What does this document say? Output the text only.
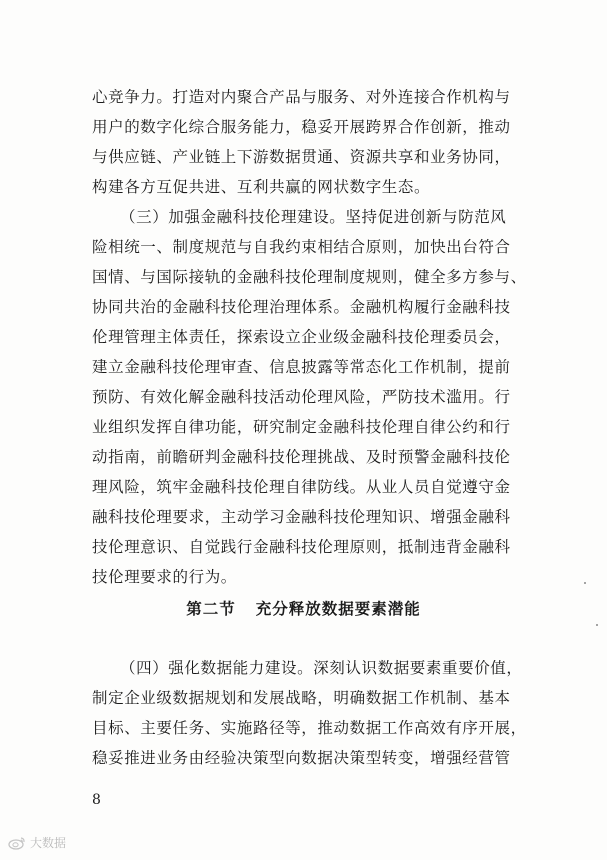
心竞争力。打造对内聚合产品与服务、对外连接合作机构与
用户的数字化综合服务能力，稳妥开展跨界合作创新，推动
与供应链、产业链上下游数据贯通、资源共享和业务协同，
构建各方互促共进、互利共赢的网状数字生态。
（三）加强金融科技伦理建设。坚持促进创新与防范风
险相统一、制度规范与自我约束相结合原则，加快出台符合
国情、与国际接轨的金融科技伦理制度规则，健全多方参与、
协同共治的金融科技伦理治理体系。金融机构履行金融科技
伦理管理主体责任，探索设立企业级金融科技伦理委员会，
建立金融科技伦理审查、信息披露等常态化工作机制，提前
预防、有效化解金融科技活动伦理风险，严防技术滥用。行
业组织发挥自律功能，研究制定金融科技伦理自律公约和行
动指南，前瞻研判金融科技伦理挑战、及时预警金融科技伦
理风险，筑牢金融科技伦理自律防线。从业人员自觉遵守金
融科技伦理要求，主动学习金融科技伦理知识、增强金融科
技伦理意识、自觉践行金融科技伦理原则，抵制违背金融科
技伦理要求的行为。
第二节 充分释放数据要素潜能
（四）强化数据能力建设。深刻认识数据要素重要价值，
制定企业级数据规划和发展战略，明确数据工作机制、基本
目标、主要任务、实施路径等，推动数据工作高效有序开展，
稳妥推进业务由经验决策型向数据决策型转变，增强经营管
8
大数据
